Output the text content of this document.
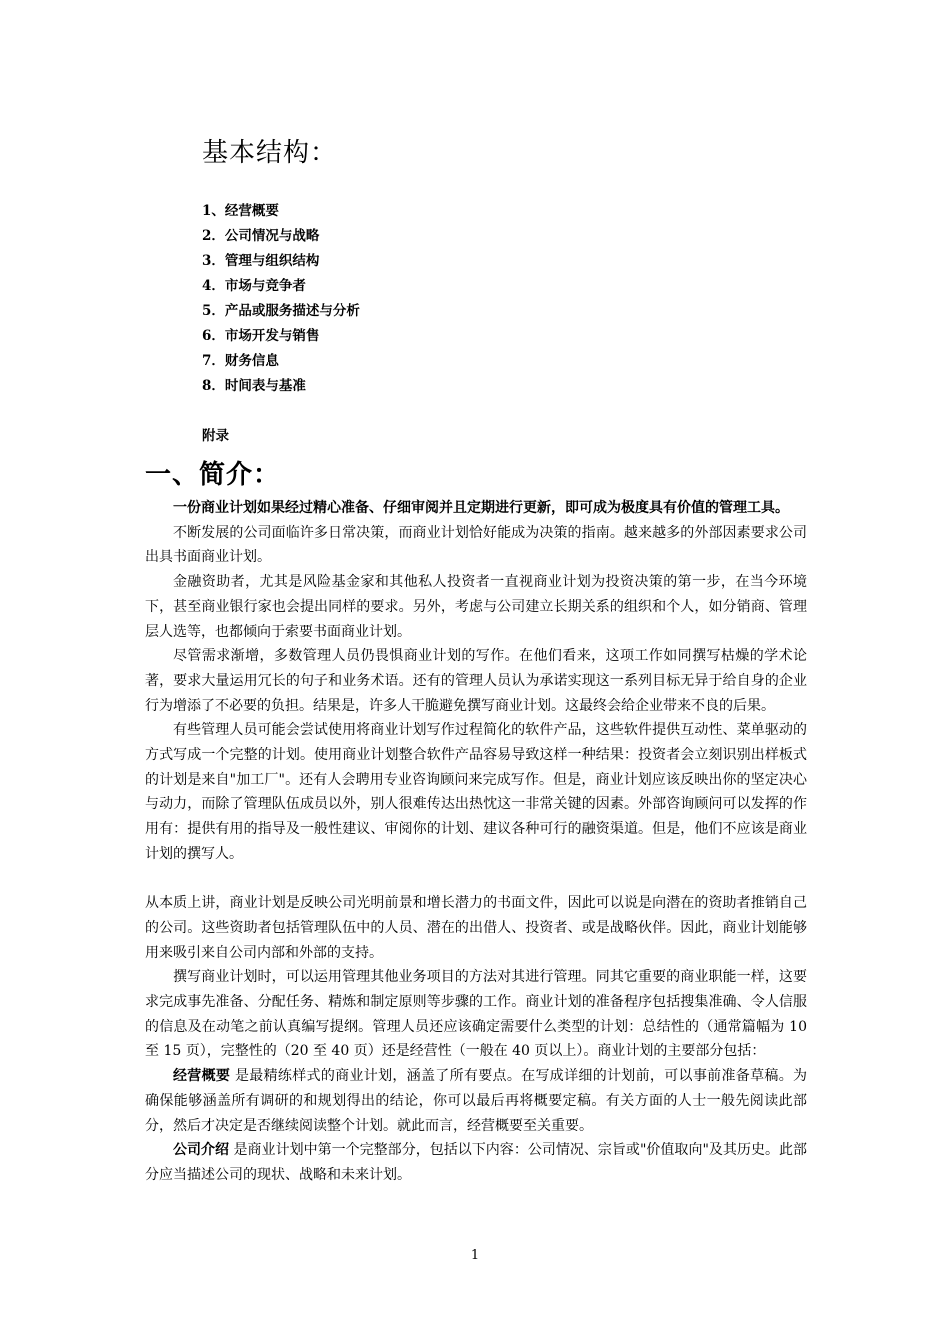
基本结构：
1、经营概要
2．公司情况与战略
3．管理与组织结构
4．市场与竞争者
5．产品或服务描述与分析
6．市场开发与销售
7．财务信息
8．时间表与基准
附录
一、简介：

一份商业计划如果经过精心准备、仔细审阅并且定期进行更新，即可成为极度具有价值的管理工具。

不断发展的公司面临许多日常决策，而商业计划恰好能成为决策的指南。越来越多的外部因素要求公司出具书面商业计划。

金融资助者，尤其是风险基金家和其他私人投资者一直视商业计划为投资决策的第一步，在当今环境下，甚至商业银行家也会提出同样的要求。另外，考虑与公司建立长期关系的组织和个人，如分销商、管理层人选等，也都倾向于索要书面商业计划。

尽管需求渐增，多数管理人员仍畏惧商业计划的写作。在他们看来，这项工作如同撰写枯燥的学术论著，要求大量运用冗长的句子和业务术语。还有的管理人员认为承诺实现这一系列目标无异于给自身的企业行为增添了不必要的负担。结果是，许多人干脆避免撰写商业计划。这最终会给企业带来不良的后果。

有些管理人员可能会尝试使用将商业计划写作过程简化的软件产品，这些软件提供互动性、菜单驱动的方式写成一个完整的计划。使用商业计划整合软件产品容易导致这样一种结果：投资者会立刻识别出样板式的计划是来自"加工厂"。还有人会聘用专业咨询顾问来完成写作。但是，商业计划应该反映出你的坚定决心与动力，而除了管理队伍成员以外，别人很难传达出热忱这一非常关键的因素。外部咨询顾问可以发挥的作用有：提供有用的指导及一般性建议、审阅你的计划、建议各种可行的融资渠道。但是，他们不应该是商业计划的撰写人。

从本质上讲，商业计划是反映公司光明前景和增长潜力的书面文件，因此可以说是向潜在的资助者推销自己的公司。这些资助者包括管理队伍中的人员、潜在的出借人、投资者、或是战略伙伴。因此，商业计划能够用来吸引来自公司内部和外部的支持。

撰写商业计划时，可以运用管理其他业务项目的方法对其进行管理。同其它重要的商业职能一样，这要求完成事先准备、分配任务、精炼和制定原则等步骤的工作。商业计划的准备程序包括搜集准确、令人信服的信息及在动笔之前认真编写提纲。管理人员还应该确定需要什么类型的计划：总结性的（通常篇幅为 10 至 15 页），完整性的（20 至 40 页）还是经营性（一般在 40 页以上）。商业计划的主要部分包括：

经营概要 是最精练样式的商业计划，涵盖了所有要点。在写成详细的计划前，可以事前准备草稿。为确保能够涵盖所有调研的和规划得出的结论，你可以最后再将概要定稿。有关方面的人士一般先阅读此部分，然后才决定是否继续阅读整个计划。就此而言，经营概要至关重要。

公司介绍 是商业计划中第一个完整部分，包括以下内容：公司情况、宗旨或"价值取向"及其历史。此部分应当描述公司的现状、战略和未来计划。

1
